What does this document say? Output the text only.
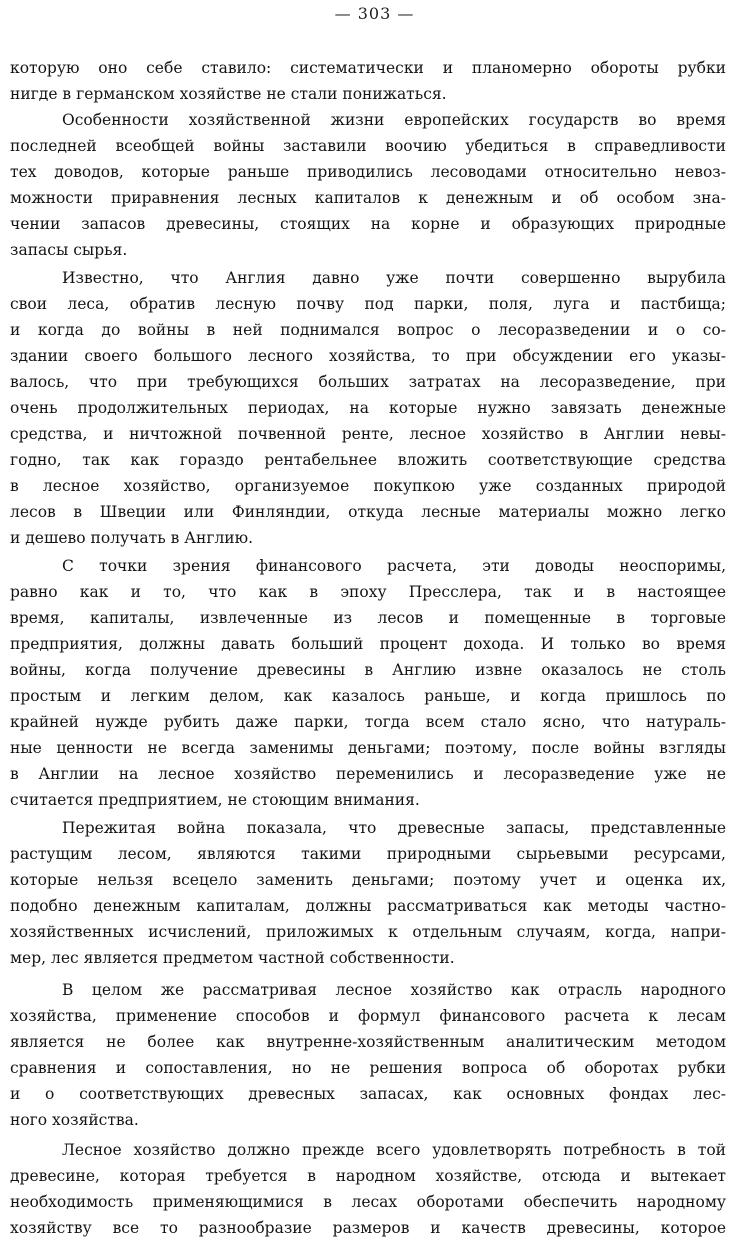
— 303 —
которую оно себе ставило: систематически и планомерно обороты рубки
нигде в германском хозяйстве не стали понижаться.
Особенности хозяйственной жизни европейских государств во время
последней всеобщей войны заставили воочию убедиться в справедливости
тех доводов, которые раньше приводились лесоводами относительно невоз-
можности приравнения лесных капиталов к денежным и об особом зна-
чении запасов древесины, стоящих на корне и образующих природные
запасы сырья.
Известно, что Англия давно уже почти совершенно вырубила
свои леса, обратив лесную почву под парки, поля, луга и пастбища;
и когда до войны в ней поднимался вопрос о лесоразведении и о со-
здании своего большого лесного хозяйства, то при обсуждении его указы-
валось, что при требующихся больших затратах на лесоразведение, при
очень продолжительных периодах, на которые нужно завязать денежные
средства, и ничтожной почвенной ренте, лесное хозяйство в Англии невы-
годно, так как гораздо рентабельнее вложить соответствующие средства
в лесное хозяйство, организуемое покупкою уже созданных природой
лесов в Швеции или Финляндии, откуда лесные материалы можно легко
и дешево получать в Англию.
С точки зрения финансового расчета, эти доводы неоспоримы,
равно как и то, что как в эпоху Пресслера, так и в настоящее
время, капиталы, извлеченные из лесов и помещенные в торговые
предприятия, должны давать больший процент дохода. И только во время
войны, когда получение древесины в Англию извне оказалось не столь
простым и легким делом, как казалось раньше, и когда пришлось по
крайней нужде рубить даже парки, тогда всем стало ясно, что натураль-
ные ценности не всегда заменимы деньгами; поэтому, после войны взгляды
в Англии на лесное хозяйство переменились и лесоразведение уже не
считается предприятием, не стоющим внимания.
Пережитая война показала, что древесные запасы, представленные
растущим лесом, являются такими природными сырьевыми ресурсами,
которые нельзя всецело заменить деньгами; поэтому учет и оценка их,
подобно денежным капиталам, должны рассматриваться как методы частно-
хозяйственных исчислений, приложимых к отдельным случаям, когда, напри-
мер, лес является предметом частной собственности.
В целом же рассматривая лесное хозяйство как отрасль народного
хозяйства, применение способов и формул финансового расчета к лесам
является не более как внутренне-хозяйственным аналитическим методом
сравнения и сопоставления, но не решения вопроса об оборотах рубки
и о соответствующих древесных запасах, как основных фондах лес-
ного хозяйства.
Лесное хозяйство должно прежде всего удовлетворять потребность в той
древесине, которая требуется в народном хозяйстве, отсюда и вытекает
необходимость применяющимися в лесах оборотами обеспечить народному
хозяйству все то разнообразие размеров и качеств древесины, которое
